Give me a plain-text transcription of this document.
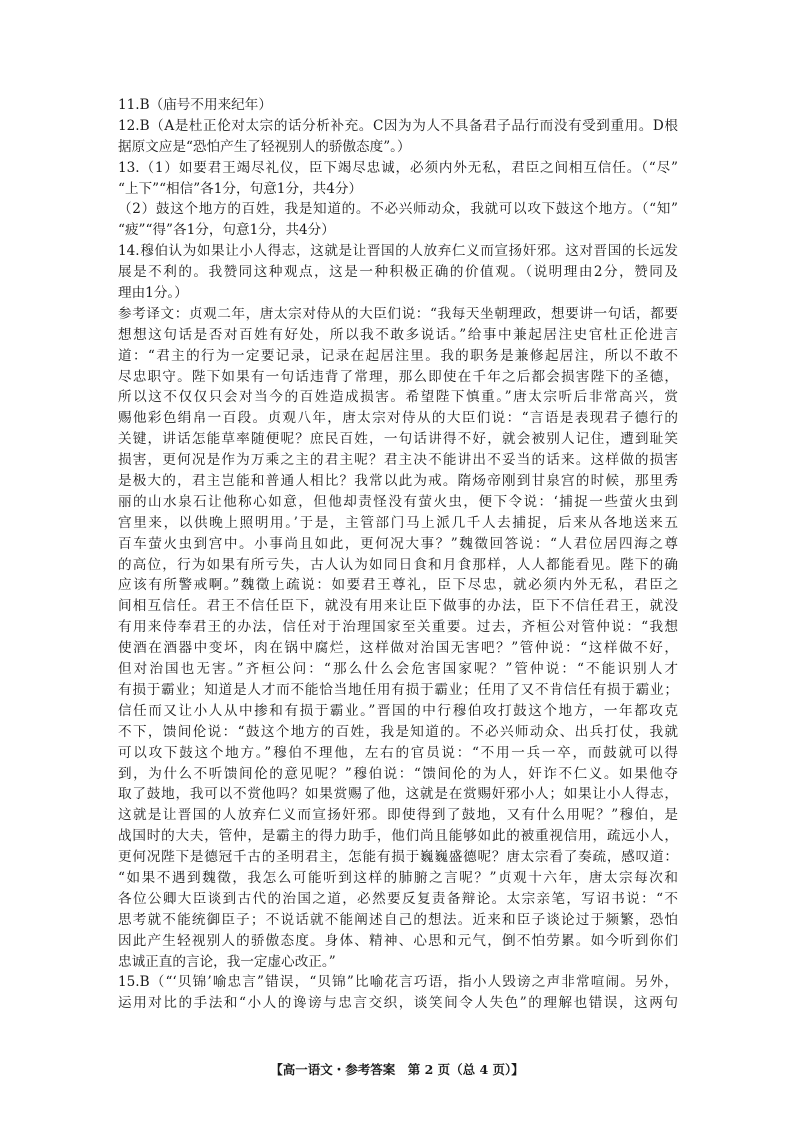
11.B（庙号不用来纪年）
12.B（A是杜正伦对太宗的话分析补充。C因为为人不具备君子品行而没有受到重用。D根
据原文应是“恐怕产生了轻视别人的骄傲态度”。）
13.（1）如要君王竭尽礼仪，臣下竭尽忠诚，必须内外无私，君臣之间相互信任。（“尽”
“上下”“相信”各1分，句意1分，共4分）
（2）鼓这个地方的百姓，我是知道的。不必兴师动众，我就可以攻下鼓这个地方。（“知”
“疲”“得”各1分，句意1分，共4分）
14.穆伯认为如果让小人得志，这就是让晋国的人放弃仁义而宣扬奸邪。这对晋国的长远发
展是不利的。我赞同这种观点，这是一种积极正确的价值观。（说明理由2分，赞同及
理由1分。）
参考译文：贞观二年，唐太宗对侍从的大臣们说：“我每天坐朝理政，想要讲一句话，都要
想想这句话是否对百姓有好处，所以我不敢多说话。”给事中兼起居注史官杜正伦进言
道：“君主的行为一定要记录，记录在起居注里。我的职务是兼修起居注，所以不敢不
尽忠职守。陛下如果有一句话违背了常理，那么即使在千年之后都会损害陛下的圣德，
所以这不仅仅只会对当今的百姓造成损害。希望陛下慎重。”唐太宗听后非常高兴，赏
赐他彩色绢帛一百段。贞观八年，唐太宗对侍从的大臣们说：“言语是表现君子德行的
关键，讲话怎能草率随便呢？庶民百姓，一句话讲得不好，就会被别人记住，遭到耻笑
损害，更何况是作为万乘之主的君主呢？君主决不能讲出不妥当的话来。这样做的损害
是极大的，君主岂能和普通人相比？我常以此为戒。隋炀帝刚到甘泉宫的时候，那里秀
丽的山水泉石让他称心如意，但他却责怪没有萤火虫，便下令说：‘捕捉一些萤火虫到
宫里来，以供晚上照明用。’于是，主管部门马上派几千人去捕捉，后来从各地送来五
百车萤火虫到宫中。小事尚且如此，更何况大事？”魏徵回答说：“人君位居四海之尊
的高位，行为如果有所亏失，古人认为如同日食和月食那样，人人都能看见。陛下的确
应该有所警戒啊。”魏徵上疏说：如要君王尊礼，臣下尽忠，就必须内外无私，君臣之
间相互信任。君王不信任臣下，就没有用来让臣下做事的办法，臣下不信任君王，就没
有用来侍奉君王的办法，信任对于治理国家至关重要。过去，齐桓公对管仲说：“我想
使酒在酒器中变坏，肉在锅中腐烂，这样做对治国无害吧？”管仲说：“这样做不好，
但对治国也无害。”齐桓公问：“那么什么会危害国家呢？”管仲说：“不能识别人才
有损于霸业；知道是人才而不能恰当地任用有损于霸业；任用了又不肯信任有损于霸业；
信任而又让小人从中掺和有损于霸业。”晋国的中行穆伯攻打鼓这个地方，一年都攻克
不下，馈间伦说：“鼓这个地方的百姓，我是知道的。不必兴师动众、出兵打仗，我就
可以攻下鼓这个地方。”穆伯不理他，左右的官员说：“不用一兵一卒，而鼓就可以得
到，为什么不听馈间伦的意见呢？”穆伯说：“馈间伦的为人，奸诈不仁义。如果他夺
取了鼓地，我可以不赏他吗？如果赏赐了他，这就是在赏赐奸邪小人；如果让小人得志，
这就是让晋国的人放弃仁义而宣扬奸邪。即使得到了鼓地，又有什么用呢？”穆伯，是
战国时的大夫，管仲，是霸主的得力助手，他们尚且能够如此的被重视信用，疏远小人，
更何况陛下是德冠千古的圣明君主，怎能有损于巍巍盛德呢？唐太宗看了奏疏，感叹道：
“如果不遇到魏徵，我怎么可能听到这样的肺腑之言呢？”贞观十六年，唐太宗每次和
各位公卿大臣谈到古代的治国之道，必然要反复责备辩论。太宗亲笔，写诏书说：“不
思考就不能统御臣子；不说话就不能阐述自己的想法。近来和臣子谈论过于频繁，恐怕
因此产生轻视别人的骄傲态度。身体、精神、心思和元气，倒不怕劳累。如今听到你们
忠诚正直的言论，我一定虚心改正。”
15.B（“‘贝锦’喻忠言”错误，“贝锦”比喻花言巧语，指小人毁谤之声非常喧闹。另外，
运用对比的手法和“小人的谗谤与忠言交织，谈笑间令人失色”的理解也错误，这两句
【高一语文・参考答案　第 2 页（总 4 页）】
